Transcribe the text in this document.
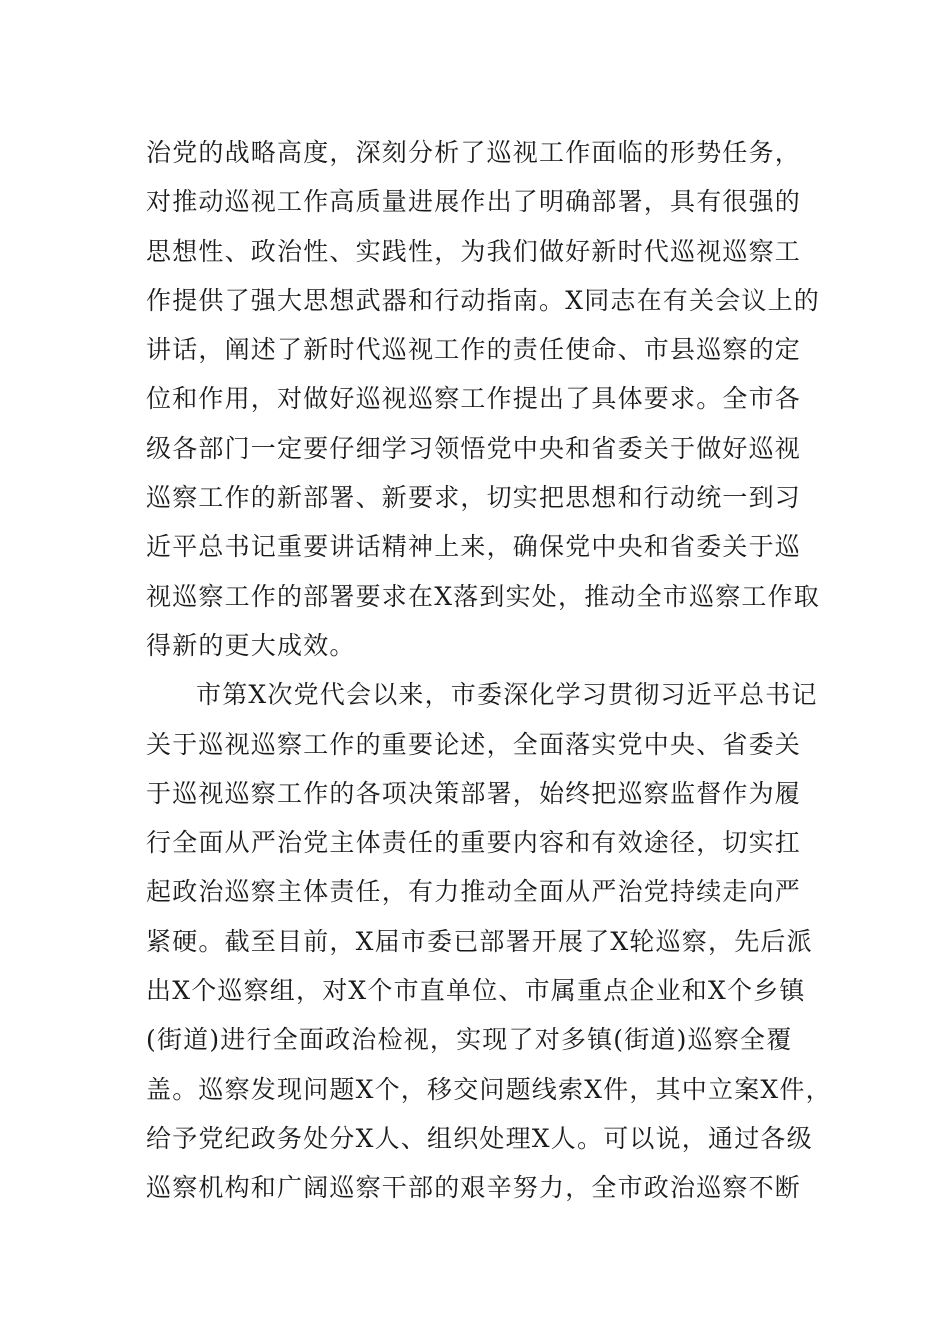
治党的战略高度，深刻分析了巡视工作面临的形势任务，
对推动巡视工作高质量进展作出了明确部署，具有很强的
思想性、政治性、实践性，为我们做好新时代巡视巡察工
作提供了强大思想武器和行动指南。X同志在有关会议上的
讲话，阐述了新时代巡视工作的责任使命、市县巡察的定
位和作用，对做好巡视巡察工作提出了具体要求。全市各
级各部门一定要仔细学习领悟党中央和省委关于做好巡视
巡察工作的新部署、新要求，切实把思想和行动统一到习
近平总书记重要讲话精神上来，确保党中央和省委关于巡
视巡察工作的部署要求在X落到实处，推动全市巡察工作取
得新的更大成效。
市第X次党代会以来，市委深化学习贯彻习近平总书记
关于巡视巡察工作的重要论述，全面落实党中央、省委关
于巡视巡察工作的各项决策部署，始终把巡察监督作为履
行全面从严治党主体责任的重要内容和有效途径，切实扛
起政治巡察主体责任，有力推动全面从严治党持续走向严
紧硬。截至目前，X届市委已部署开展了X轮巡察，先后派
出X个巡察组，对X个市直单位、市属重点企业和X个乡镇
(街道)进行全面政治检视，实现了对多镇(街道)巡察全覆
盖。巡察发现问题X个，移交问题线索X件，其中立案X件，
给予党纪政务处分X人、组织处理X人。可以说，通过各级
巡察机构和广阔巡察干部的艰辛努力，全市政治巡察不断
